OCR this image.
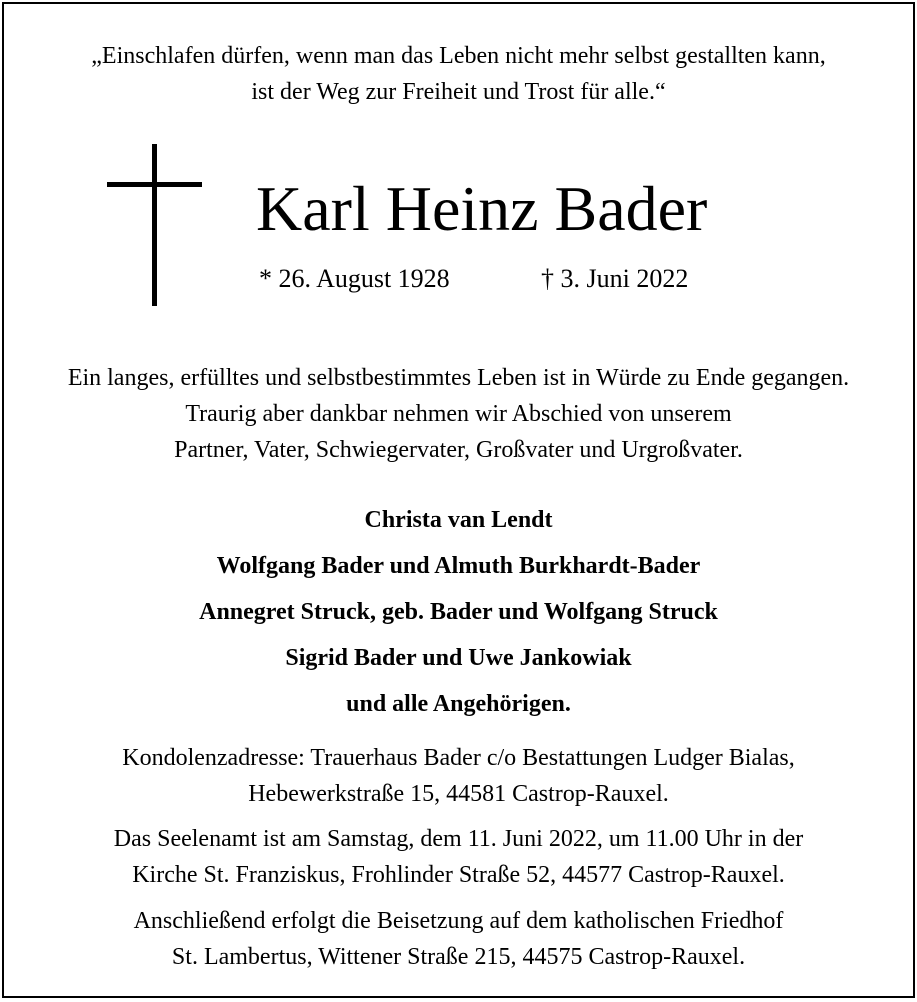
„Einschlafen dürfen, wenn man das Leben nicht mehr selbst gestallten kann,
ist der Weg zur Freiheit und Trost für alle.“
Karl Heinz Bader
* 26. August 1928	† 3. Juni 2022
Ein langes, erfülltes und selbstbestimmtes Leben ist in Würde zu Ende gegangen.
Traurig aber dankbar nehmen wir Abschied von unserem
Partner, Vater, Schwiegervater, Großvater und Urgroßvater.
Christa van Lendt
Wolfgang Bader und Almuth Burkhardt-Bader
Annegret Struck, geb. Bader und Wolfgang Struck
Sigrid Bader und Uwe Jankowiak
und alle Angehörigen.
Kondolenzadresse: Trauerhaus Bader c/o Bestattungen Ludger Bialas,
Hebewerkstraße 15, 44581 Castrop-Rauxel.
Das Seelenamt ist am Samstag, dem 11. Juni 2022, um 11.00 Uhr in der
Kirche St. Franziskus, Frohlinder Straße 52, 44577 Castrop-Rauxel.
Anschließend erfolgt die Beisetzung auf dem katholischen Friedhof
St. Lambertus, Wittener Straße 215, 44575 Castrop-Rauxel.
